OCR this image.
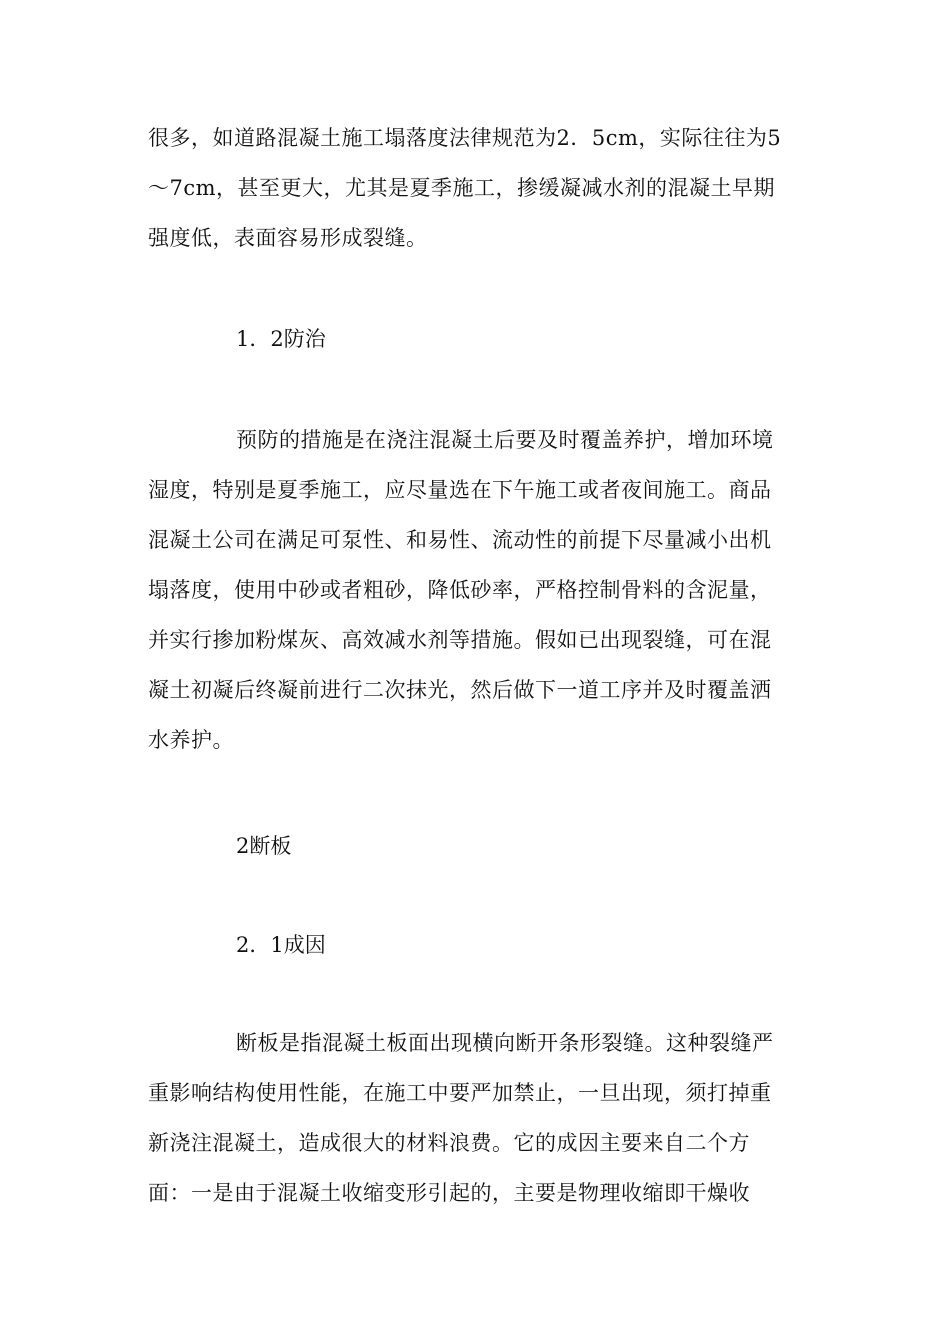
很多，如道路混凝土施工塌落度法律规范为2．5cm，实际往往为5
～7cm，甚至更大，尤其是夏季施工，掺缓凝减水剂的混凝土早期
强度低，表面容易形成裂缝。

1．2防治

预防的措施是在浇注混凝土后要及时覆盖养护，增加环境
湿度，特别是夏季施工，应尽量选在下午施工或者夜间施工。商品
混凝土公司在满足可泵性、和易性、流动性的前提下尽量减小出机
塌落度，使用中砂或者粗砂，降低砂率，严格控制骨料的含泥量，
并实行掺加粉煤灰、高效减水剂等措施。假如已出现裂缝，可在混
凝土初凝后终凝前进行二次抹光，然后做下一道工序并及时覆盖洒
水养护。

2断板

2．1成因

断板是指混凝土板面出现横向断开条形裂缝。这种裂缝严
重影响结构使用性能，在施工中要严加禁止，一旦出现，须打掉重
新浇注混凝土，造成很大的材料浪费。它的成因主要来自二个方
面：一是由于混凝土收缩变形引起的，主要是物理收缩即干燥收
